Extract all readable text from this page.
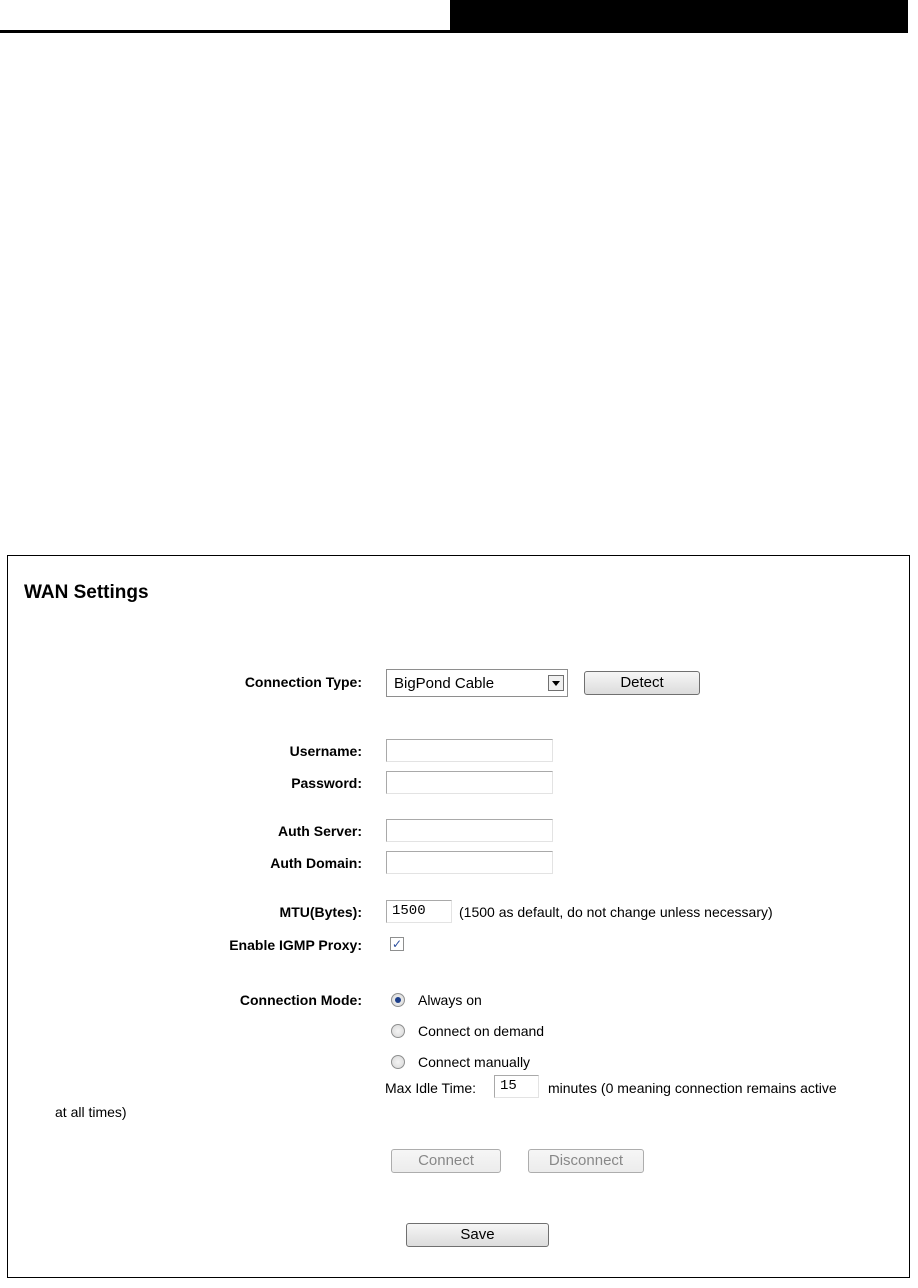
WAN Settings
Connection Type: BigPond Cable	Detect
Username:
Password:
Auth Server:
Auth Domain:
MTU(Bytes):	1500	(1500 as default, do not change unless necessary)
Enable IGMP Proxy: ✓
Connection Mode:	Always on
Connect on demand
Connect manually
Max Idle Time:	15	minutes (0 meaning connection remains active
at all times)
Connect	Disconnect
Save
